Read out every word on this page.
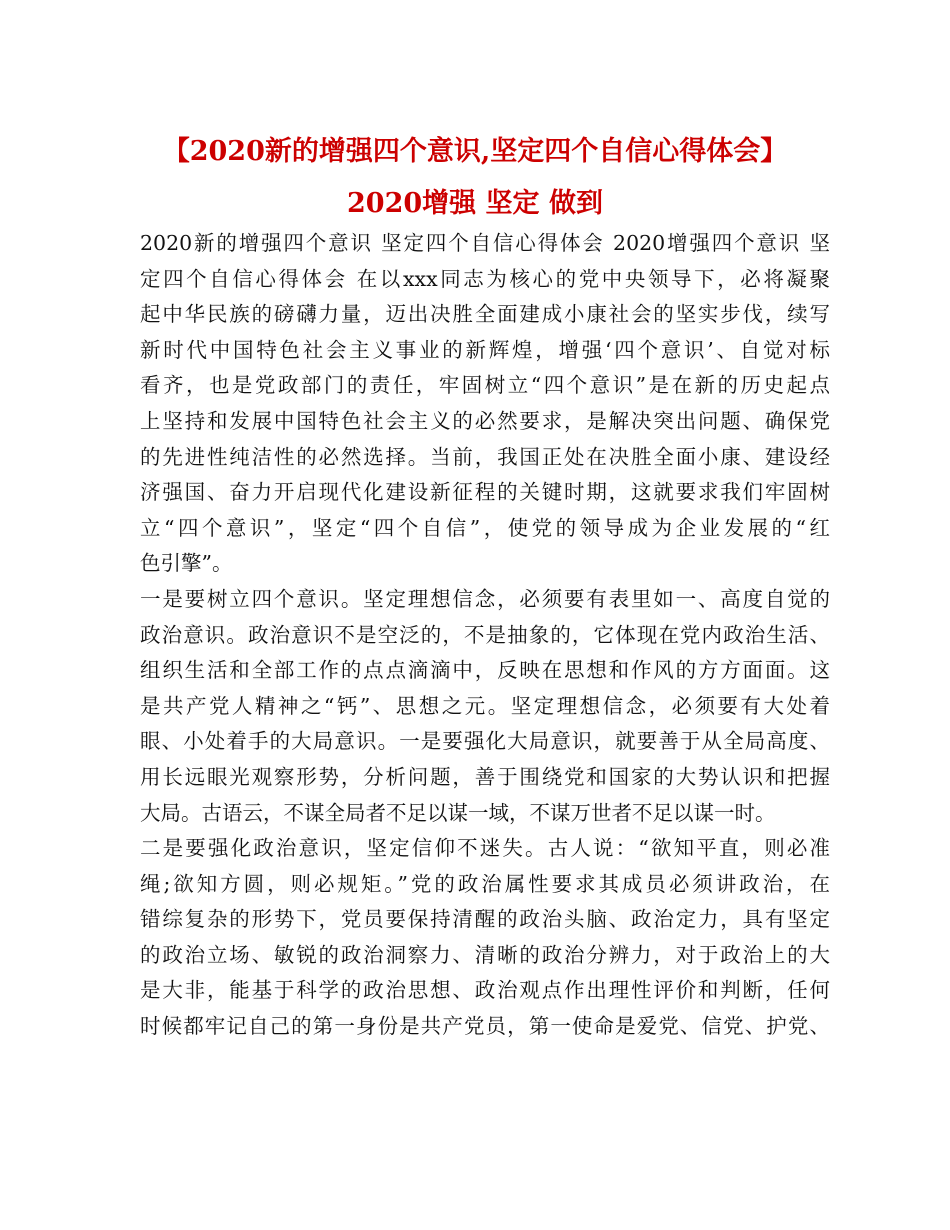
【2020新的增强四个意识,坚定四个自信心得体会】
2020增强 坚定 做到
2020新的增强四个意识 坚定四个自信心得体会 2020增强四个意识 坚
定四个自信心得体会 在以xxx同志为核心的党中央领导下，必将凝聚
起中华民族的磅礴力量，迈出决胜全面建成小康社会的坚实步伐，续写
新时代中国特色社会主义事业的新辉煌，增强‘四个意识’、自觉对标
看齐，也是党政部门的责任，牢固树立“四个意识”是在新的历史起点
上坚持和发展中国特色社会主义的必然要求，是解决突出问题、确保党
的先进性纯洁性的必然选择。当前，我国正处在决胜全面小康、建设经
济强国、奋力开启现代化建设新征程的关键时期，这就要求我们牢固树
立“四个意识”，坚定“四个自信”，使党的领导成为企业发展的“红
色引擎”。
一是要树立四个意识。坚定理想信念，必须要有表里如一、高度自觉的
政治意识。政治意识不是空泛的，不是抽象的，它体现在党内政治生活、
组织生活和全部工作的点点滴滴中，反映在思想和作风的方方面面。这
是共产党人精神之“钙”、思想之元。坚定理想信念，必须要有大处着
眼、小处着手的大局意识。一是要强化大局意识，就要善于从全局高度、
用长远眼光观察形势，分析问题，善于围绕党和国家的大势认识和把握
大局。古语云，不谋全局者不足以谋一域，不谋万世者不足以谋一时。
二是要强化政治意识，坚定信仰不迷失。古人说：“欲知平直，则必准
绳;欲知方圆，则必规矩。”党的政治属性要求其成员必须讲政治，在
错综复杂的形势下，党员要保持清醒的政治头脑、政治定力，具有坚定
的政治立场、敏锐的政治洞察力、清晰的政治分辨力，对于政治上的大
是大非，能基于科学的政治思想、政治观点作出理性评价和判断，任何
时候都牢记自己的第一身份是共产党员，第一使命是爱党、信党、护党、
